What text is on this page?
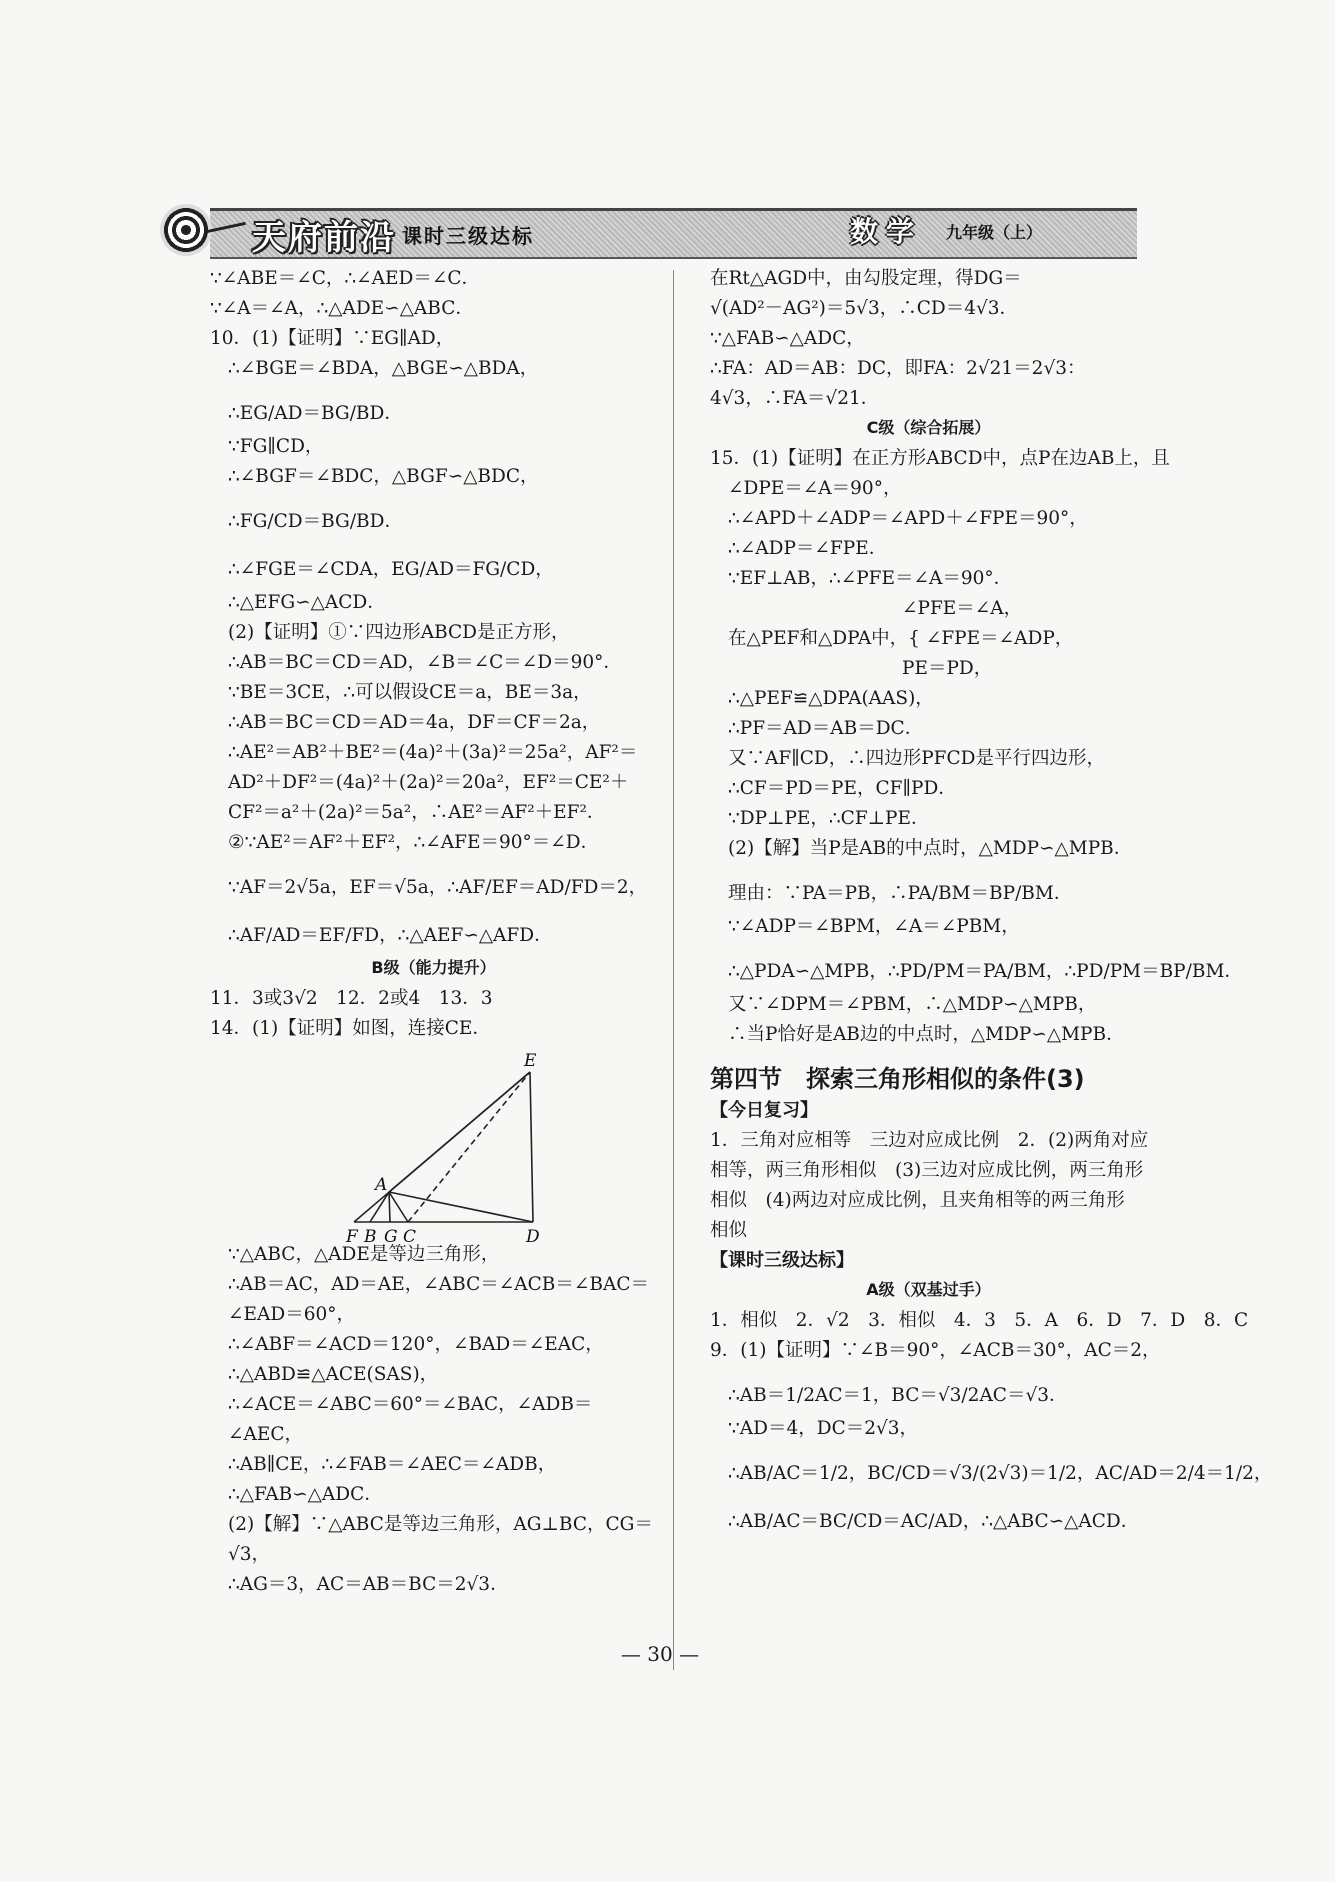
天府前沿 课时三级达标	数学 九年级（上）
∵∠ABE＝∠C，∴∠AED＝∠C．
∵∠A＝∠A，∴△ADE∽△ABC．
10．(1)【证明】∵EG∥AD，
∴∠BGE＝∠BDA，△BGE∽△BDA，
∴EG/AD＝BG/BD．
∵FG∥CD，
∴∠BGF＝∠BDC，△BGF∽△BDC，
∴FG/CD＝BG/BD．
∴∠FGE＝∠CDA，EG/AD＝FG/CD，
∴△EFG∽△ACD．
(2)【证明】①∵四边形ABCD是正方形，
∴AB＝BC＝CD＝AD，∠B＝∠C＝∠D＝90°．
∵BE＝3CE，∴可以假设CE＝a，BE＝3a，
∴AB＝BC＝CD＝AD＝4a，DF＝CF＝2a，
∴AE²＝AB²＋BE²＝(4a)²＋(3a)²＝25a²，AF²＝
AD²＋DF²＝(4a)²＋(2a)²＝20a²，EF²＝CE²＋
CF²＝a²＋(2a)²＝5a²，∴AE²＝AF²＋EF²．
②∵AE²＝AF²＋EF²，∴∠AFE＝90°＝∠D．
∵AF＝2√5a，EF＝√5a，∴AF/EF＝AD/FD＝2，
∴AF/AD＝EF/FD，∴△AEF∽△AFD．
B级（能力提升）
11．3或3√2　12．2或4　13．3
14．(1)【证明】如图，连接CE．
E
A
F B G C	D
∵△ABC，△ADE是等边三角形，
∴AB＝AC，AD＝AE，∠ABC＝∠ACB＝∠BAC＝
∠EAD＝60°，
∴∠ABF＝∠ACD＝120°，∠BAD＝∠EAC，
∴△ABD≌△ACE(SAS)，
∴∠ACE＝∠ABC＝60°＝∠BAC，∠ADB＝
∠AEC，
∴AB∥CE，∴∠FAB＝∠AEC＝∠ADB，
∴△FAB∽△ADC．
(2)【解】∵△ABC是等边三角形，AG⊥BC，CG＝
√3，
∴AG＝3，AC＝AB＝BC＝2√3．
在Rt△AGD中，由勾股定理，得DG＝
√(AD²－AG²)＝5√3，∴CD＝4√3．
∵△FAB∽△ADC，
∴FA：AD＝AB：DC，即FA：2√21＝2√3：
4√3，∴FA＝√21．
C级（综合拓展）
15．(1)【证明】在正方形ABCD中，点P在边AB上，且
∠DPE＝∠A＝90°，
∴∠APD＋∠ADP＝∠APD＋∠FPE＝90°，
∴∠ADP＝∠FPE．
∵EF⊥AB，∴∠PFE＝∠A＝90°．
∠PFE＝∠A，
在△PEF和△DPA中，{ ∠FPE＝∠ADP，
PE＝PD，
∴△PEF≌△DPA(AAS)，
∴PF＝AD＝AB＝DC．
又∵AF∥CD，∴四边形PFCD是平行四边形，
∴CF＝PD＝PE，CF∥PD．
∵DP⊥PE，∴CF⊥PE．
(2)【解】当P是AB的中点时，△MDP∽△MPB．
理由：∵PA＝PB，∴PA/BM＝BP/BM．
∵∠ADP＝∠BPM，∠A＝∠PBM，
∴△PDA∽△MPB，∴PD/PM＝PA/BM，∴PD/PM＝BP/BM．
又∵∠DPM＝∠PBM，∴△MDP∽△MPB，
∴当P恰好是AB边的中点时，△MDP∽△MPB．
第四节　探索三角形相似的条件(3)
【今日复习】
1．三角对应相等　三边对应成比例　2．(2)两角对应
相等，两三角形相似　(3)三边对应成比例，两三角形
相似　(4)两边对应成比例，且夹角相等的两三角形
相似
【课时三级达标】
A级（双基过手）
1．相似　2．√2　3．相似　4．3　5．A　6．D　7．D　8．C
9．(1)【证明】∵∠B＝90°，∠ACB＝30°，AC＝2，
∴AB＝1/2AC＝1，BC＝√3/2AC＝√3．
∵AD＝4，DC＝2√3，
∴AB/AC＝1/2，BC/CD＝√3/(2√3)＝1/2，AC/AD＝2/4＝1/2，
∴AB/AC＝BC/CD＝AC/AD，∴△ABC∽△ACD．
— 30 —
